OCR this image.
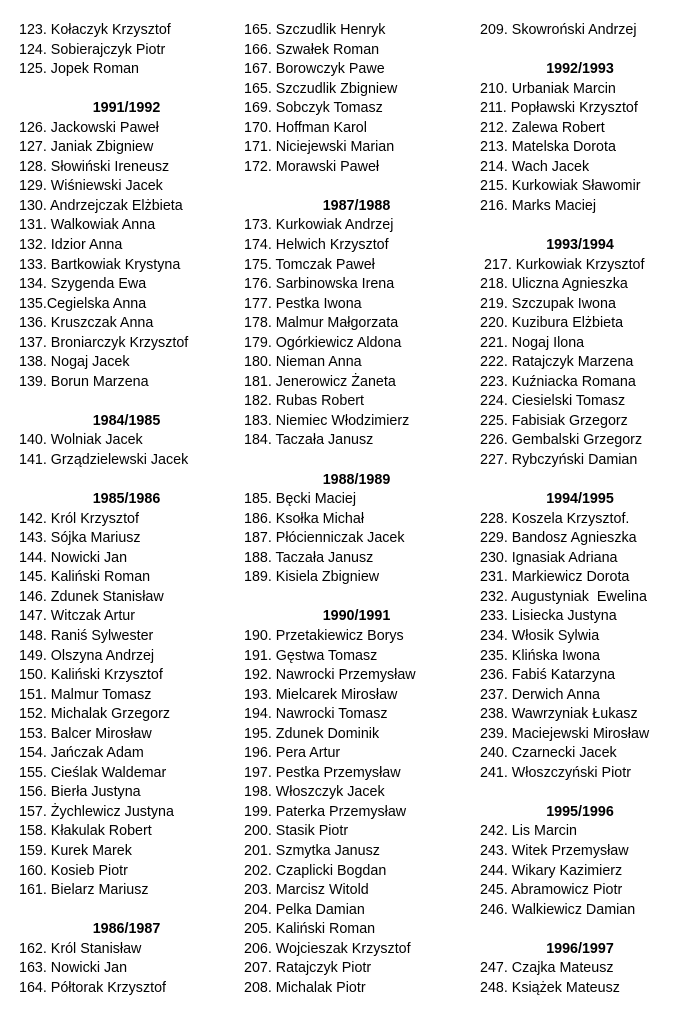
123. Kołaczyk Krzysztof
124. Sobierajczyk Piotr
125. Jopek Roman
1991/1992
126. Jackowski Paweł
127. Janiak Zbigniew
128. Słowiński Ireneusz
129. Wiśniewski Jacek
130. Andrzejczak Elżbieta
131. Walkowiak Anna
132. Idzior Anna
133. Bartkowiak Krystyna
134. Szygenda Ewa
135.Cegielska Anna
136. Kruszczak Anna
137. Broniarczyk Krzysztof
138. Nogaj Jacek
139. Borun Marzena
1984/1985
140. Wolniak Jacek
141. Grządzielewski Jacek
1985/1986
142. Król Krzysztof
143. Sójka Mariusz
144. Nowicki Jan
145. Kaliński Roman
146. Zdunek Stanisław
147. Witczak Artur
148. Raniś Sylwester
149. Olszyna Andrzej
150. Kaliński Krzysztof
151. Malmur Tomasz
152. Michalak Grzegorz
153. Balcer Mirosław
154. Jańczak Adam
155. Cieślak Waldemar
156. Bierła Justyna
157. Żychlewicz Justyna
158. Kłakulak Robert
159. Kurek Marek
160. Kosieb Piotr
161. Bielarz Mariusz
1986/1987
162. Król Stanisław
163. Nowicki Jan
164. Półtorak Krzysztof
165. Szczudlik Henryk
166. Szwałek Roman
167. Borowczyk Pawe
165. Szczudlik Zbigniew
169. Sobczyk Tomasz
170. Hoffman Karol
171. Niciejewski Marian
172. Morawski Paweł
1987/1988
173. Kurkowiak Andrzej
174. Helwich Krzysztof
175. Tomczak Paweł
176. Sarbinowska Irena
177. Pestka Iwona
178. Malmur Małgorzata
179. Ogórkiewicz Aldona
180. Nieman Anna
181. Jenerowicz Żaneta
182. Rubas Robert
183. Niemiec Włodzimierz
184. Taczała Janusz
1988/1989
185. Bęcki Maciej
186. Ksołka Michał
187. Płócienniczak Jacek
188. Taczała Janusz
189. Kisiela Zbigniew
1990/1991
190. Przetakiewicz Borys
191. Gęstwa Tomasz
192. Nawrocki Przemysław
193. Mielcarek Mirosław
194. Nawrocki Tomasz
195. Zdunek Dominik
196. Pera Artur
197. Pestka Przemysław
198. Włoszczyk Jacek
199. Paterka Przemysław
200. Stasik Piotr
201. Szmytka Janusz
202. Czaplicki Bogdan
203. Marcisz Witold
204. Pelka Damian
205. Kaliński Roman
206. Wojcieszak Krzysztof
207. Ratajczyk Piotr
208. Michalak Piotr
209. Skowroński Andrzej
1992/1993
210. Urbaniak Marcin
211. Popławski Krzysztof
212. Zalewa Robert
213. Matelska Dorota
214. Wach Jacek
215. Kurkowiak Sławomir
216. Marks Maciej
1993/1994
217. Kurkowiak Krzysztof
218. Uliczna Agnieszka
219. Szczupak Iwona
220. Kuzibura Elżbieta
221. Nogaj Ilona
222. Ratajczyk Marzena
223. Kuźniacka Romana
224. Ciesielski Tomasz
225. Fabisiak Grzegorz
226. Gembalski Grzegorz
227. Rybczyński Damian
1994/1995
228. Koszela Krzysztof.
229. Bandosz Agnieszka
230. Ignasiak Adriana
231. Markiewicz Dorota
232. Augustyniak  Ewelina
233. Lisiecka Justyna
234. Włosik Sylwia
235. Klińska Iwona
236. Fabiś Katarzyna
237. Derwich Anna
238. Wawrzyniak Łukasz
239. Maciejewski Mirosław
240. Czarnecki Jacek
241. Włoszczyński Piotr
1995/1996
242. Lis Marcin
243. Witek Przemysław
244. Wikary Kazimierz
245. Abramowicz Piotr
246. Walkiewicz Damian
1996/1997
247. Czajka Mateusz
248. Książek Mateusz
